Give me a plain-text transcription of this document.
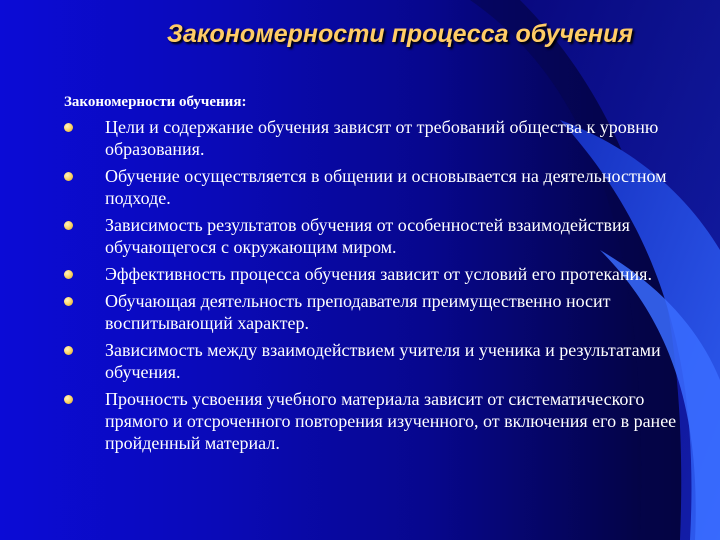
Закономерности процесса обучения

Закономерности обучения:

Цели и содержание обучения зависят от требований общества к уровню образования.
Обучение осуществляется в общении и основывается на деятельностном подходе.
Зависимость результатов обучения от особенностей взаимодействия обучающегося с окружающим миром.
Эффективность процесса обучения зависит от условий его протекания.
Обучающая деятельность преподавателя преимущественно носит воспитывающий характер.
Зависимость между взаимодействием учителя и ученика и результатами обучения.
Прочность усвоения учебного материала зависит от систематического прямого и отсроченного повторения изученного, от включения его в ранее пройденный материал.
